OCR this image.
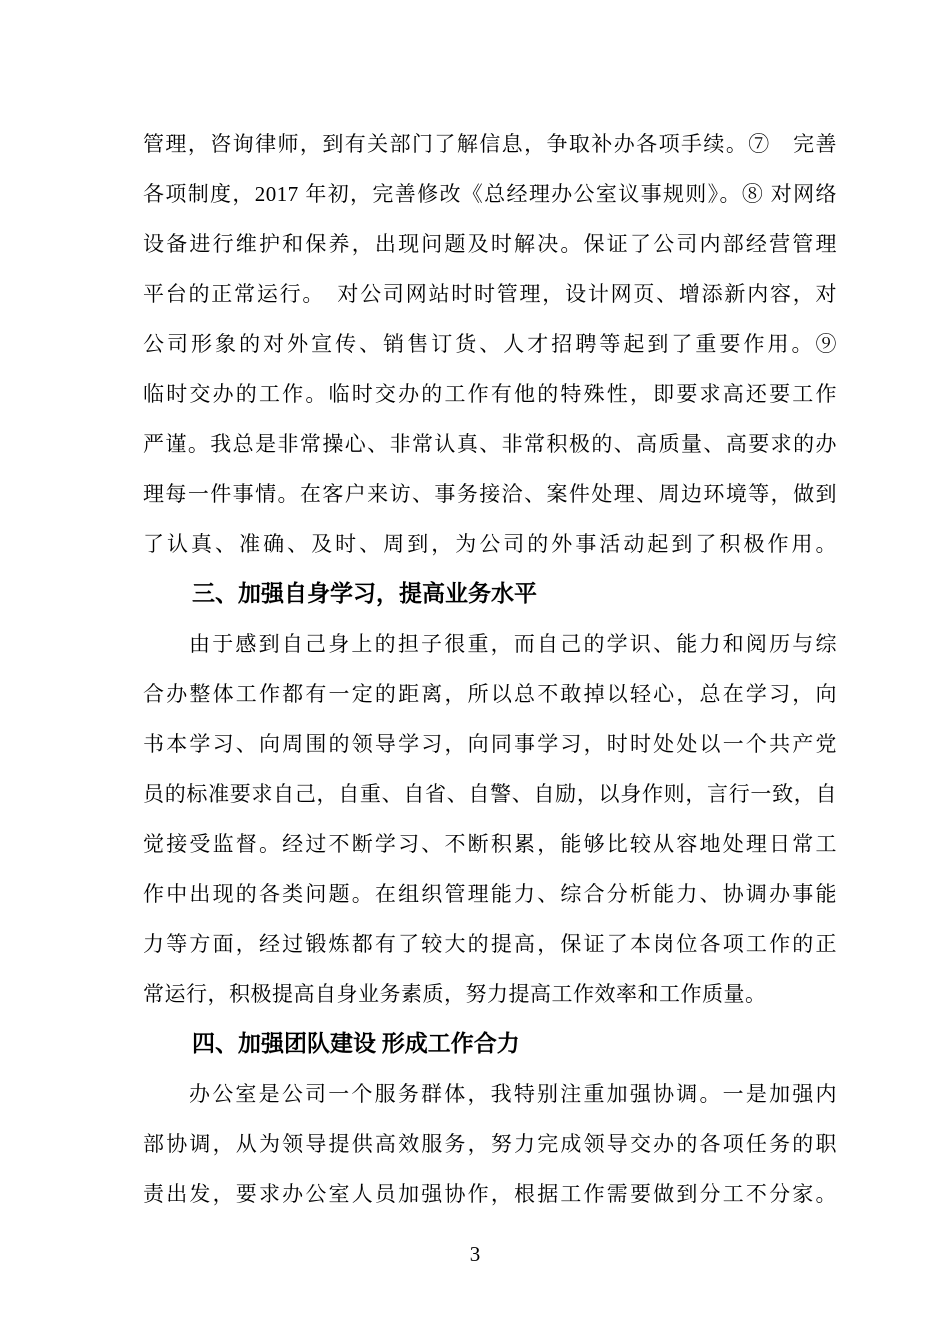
管理，咨询律师，到有关部门了解信息，争取补办各项手续。⑦　完善
各项制度，2017 年初，完善修改《总经理办公室议事规则》。⑧ 对网络
设备进行维护和保养，出现问题及时解决。保证了公司内部经营管理
平台的正常运行。　对公司网站时时管理，设计网页、增添新内容，对
公司形象的对外宣传、销售订货、人才招聘等起到了重要作用。⑨
临时交办的工作。临时交办的工作有他的特殊性，即要求高还要工作
严谨。我总是非常操心、非常认真、非常积极的、高质量、高要求的办
理每一件事情。在客户来访、事务接洽、案件处理、周边环境等，做到
了认真、准确、及时、周到，为公司的外事活动起到了积极作用。
三、加强自身学习，提高业务水平
由于感到自己身上的担子很重，而自己的学识、能力和阅历与综
合办整体工作都有一定的距离，所以总不敢掉以轻心，总在学习，向
书本学习、向周围的领导学习，向同事学习，时时处处以一个共产党
员的标准要求自己，自重、自省、自警、自励，以身作则，言行一致，自
觉接受监督。经过不断学习、不断积累，能够比较从容地处理日常工
作中出现的各类问题。在组织管理能力、综合分析能力、协调办事能
力等方面，经过锻炼都有了较大的提高，保证了本岗位各项工作的正
常运行，积极提高自身业务素质，努力提高工作效率和工作质量。
四、加强团队建设 形成工作合力
办公室是公司一个服务群体，我特别注重加强协调。一是加强内
部协调，从为领导提供高效服务，努力完成领导交办的各项任务的职
责出发，要求办公室人员加强协作，根据工作需要做到分工不分家。
3
